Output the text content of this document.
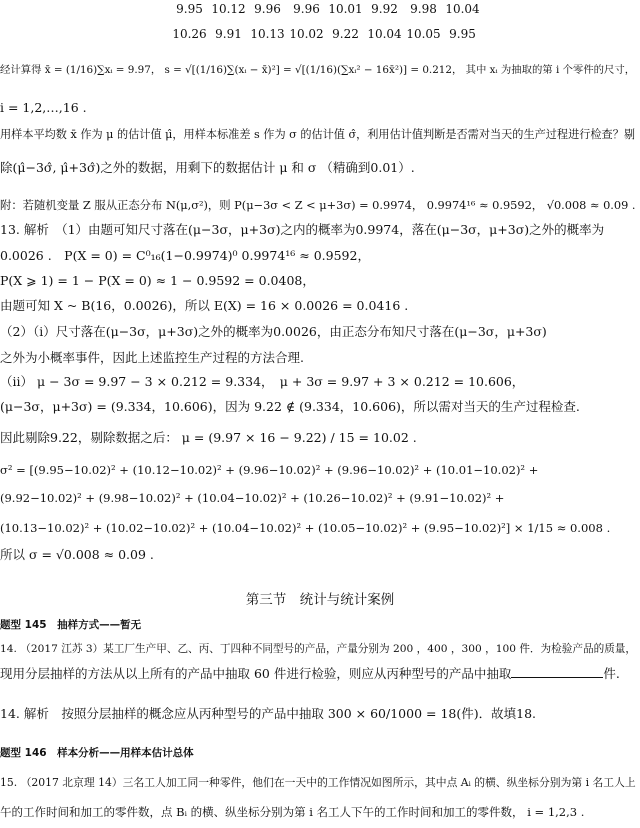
9.95 10.12 9.96 9.96 10.01 9.92 9.98 10.04
10.26 9.91 10.13 10.02 9.22 10.04 10.05 9.95
经计算得 x̄ = (1/16)∑xᵢ = 9.97， s = √[(1/16)∑(xᵢ − x̄)²] = √[(1/16)(∑xᵢ² − 16x̄²)] = 0.212， 其中 xᵢ 为抽取的第 i 个零件的尺寸，
i = 1,2,…,16 .
用样本平均数 x̄ 作为 μ 的估计值 μ̂，用样本标准差 s 作为 σ 的估计值 σ̂，利用估计值判断是否需对当天的生产过程进行检查？剔
除(μ̂−3σ̂, μ̂+3σ̂)之外的数据，用剩下的数据估计 μ 和 σ （精确到0.01）.
附：若随机变量 Z 服从正态分布 N(μ,σ²)，则 P(μ−3σ < Z < μ+3σ) = 0.9974， 0.9974¹⁶ ≈ 0.9592， √0.008 ≈ 0.09 .
13. 解析　（1）由题可知尺寸落在(μ−3σ，μ+3σ)之内的概率为0.9974，落在(μ−3σ，μ+3σ)之外的概率为
0.0026 .　P(X = 0) = C⁰₁₆(1−0.9974)⁰ 0.9974¹⁶ ≈ 0.9592，
P(X ⩾ 1) = 1 − P(X = 0) ≈ 1 − 0.9592 = 0.0408，
由题可知 X ~ B(16，0.0026)，所以 E(X) = 16 × 0.0026 = 0.0416 .
（2）（i）尺寸落在(μ−3σ，μ+3σ)之外的概率为0.0026，由正态分布知尺寸落在(μ−3σ，μ+3σ)
之外为小概率事件，因此上述监控生产过程的方法合理.
（ii） μ − 3σ = 9.97 − 3 × 0.212 = 9.334，　μ + 3σ = 9.97 + 3 × 0.212 = 10.606，
(μ−3σ，μ+3σ) = (9.334，10.606)，因为 9.22 ∉ (9.334，10.606)，所以需对当天的生产过程检查.
因此剔除9.22，剔除数据之后： μ = (9.97 × 16 − 9.22) / 15 = 10.02 .
σ² = [(9.95−10.02)² + (10.12−10.02)² + (9.96−10.02)² + (9.96−10.02)² + (10.01−10.02)² +
(9.92−10.02)² + (9.98−10.02)² + (10.04−10.02)² + (10.26−10.02)² + (9.91−10.02)² +
(10.13−10.02)² + (10.02−10.02)² + (10.04−10.02)² + (10.05−10.02)² + (9.95−10.02)²] × 1/15 ≈ 0.008 .
所以 σ = √0.008 ≈ 0.09 .
第三节　统计与统计案例
题型 145　抽样方式——暂无
14. （2017 江苏 3）某工厂生产甲、乙、丙、丁四种不同型号的产品，产量分别为 200 ，400 ，300 ，100 件．为检验产品的质量，
现用分层抽样的方法从以上所有的产品中抽取 60 件进行检验，则应从丙种型号的产品中抽取	件.
14. 解析　按照分层抽样的概念应从丙种型号的产品中抽取 300 × 60/1000 = 18(件)．故填18.
题型 146　样本分析——用样本估计总体
15. （2017 北京理 14）三名工人加工同一种零件，他们在一天中的工作情况如图所示，其中点 Aᵢ 的横、纵坐标分别为第 i 名工人上
午的工作时间和加工的零件数，点 Bᵢ 的横、纵坐标分别为第 i 名工人下午的工作时间和加工的零件数， i = 1,2,3 .
